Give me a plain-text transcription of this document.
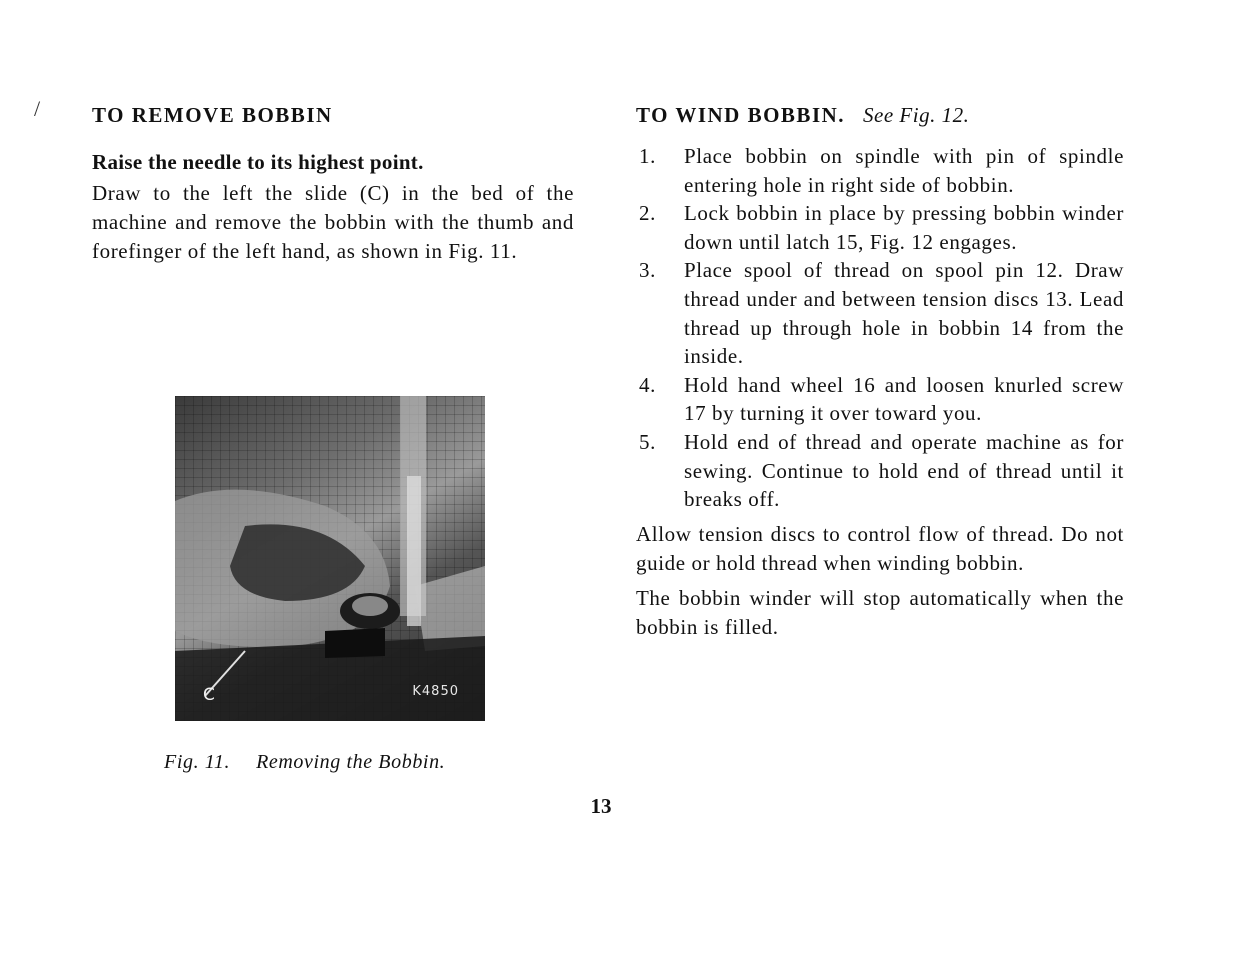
/ TO REMOVE BOBBIN

Raise the needle to its highest point.

Draw to the left the slide (C) in the bed of the machine and remove the bobbin with the thumb and forefinger of the left hand, as shown in Fig. 11.

C	K4850
Fig. 11. Removing the Bobbin.
TO WIND BOBBIN. See Fig. 12.
1. Place bobbin on spindle with pin of spindle entering hole in right side of bobbin.
2. Lock bobbin in place by pressing bobbin winder down until latch 15, Fig. 12 engages.
3. Place spool of thread on spool pin 12. Draw thread under and between tension discs 13. Lead thread up through hole in bobbin 14 from the inside.
4. Hold hand wheel 16 and loosen knurled screw 17 by turning it over toward you.
5. Hold end of thread and operate machine as for sewing. Continue to hold end of thread until it breaks off.

Allow tension discs to control flow of thread. Do not guide or hold thread when winding bobbin.

The bobbin winder will stop automatically when the bobbin is filled.

13
